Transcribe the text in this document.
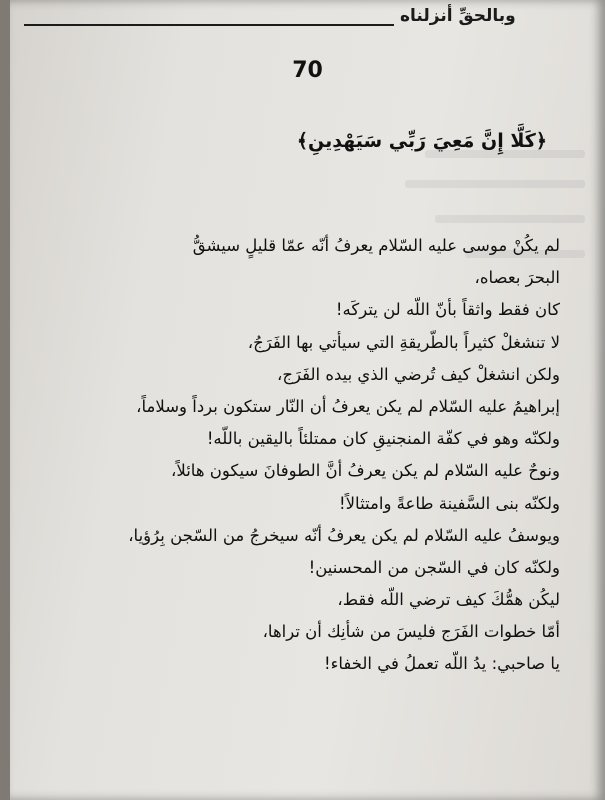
وبالحقِّ أنزلناه
70
﴿كَلَّا إِنَّ مَعِيَ رَبِّي سَيَهْدِينِ﴾
لم يكُنْ موسى عليه السّلام يعرفُ أنّه عمّا قليلٍ سيشقُّ
البحرَ بعصاه،
كان فقط واثقاً بأنّ اللّه لن يتركَه!
لا تنشغلْ كثيراً بالطّريقةِ التي سيأتي بها الفَرَجُ،
ولكن انشغلْ كيف تُرضي الذي بيده الفَرَج،
إبراهيمُ عليه السّلام لم يكن يعرفُ أن النّار ستكون برداً وسلاماً،
ولكنّه وهو في كفّة المنجنيقِ كان ممتلئاً باليقين باللّه!
ونوحٌ عليه السّلام لم يكن يعرفُ أنَّ الطوفانَ سيكون هائلاً،
ولكنّه بنى السَّفينة طاعةً وامتثالاً!
ويوسفُ عليه السّلام لم يكن يعرفُ أنّه سيخرجُ من السّجن بِرُؤيا،
ولكنّه كان في السّجن من المحسنين!
ليكُن همُّكَ كيف ترضي اللّه فقط،
أمّا خطوات الفَرَج فليسَ من شأنِك أن تراها،
يا صاحبي: يدُ اللّه تعملُ في الخفاء!
